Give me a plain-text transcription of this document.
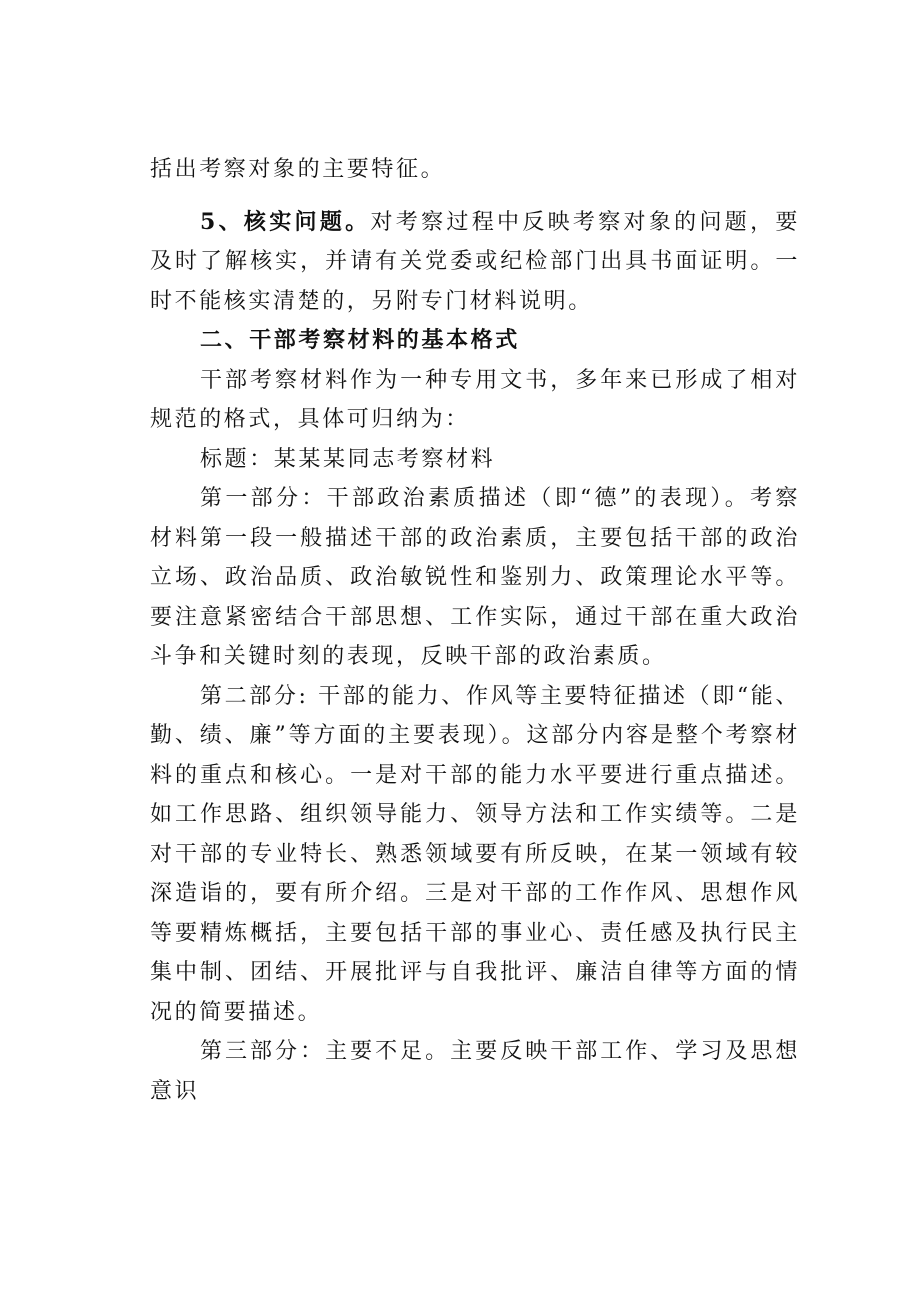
括出考察对象的主要特征。

5、核实问题。对考察过程中反映考察对象的问题，要及时了解核实，并请有关党委或纪检部门出具书面证明。一时不能核实清楚的，另附专门材料说明。

二、干部考察材料的基本格式

干部考察材料作为一种专用文书，多年来已形成了相对规范的格式，具体可归纳为：

标题：某某某同志考察材料

第一部分：干部政治素质描述（即“德”的表现）。考察材料第一段一般描述干部的政治素质，主要包括干部的政治立场、政治品质、政治敏锐性和鉴别力、政策理论水平等。要注意紧密结合干部思想、工作实际，通过干部在重大政治斗争和关键时刻的表现，反映干部的政治素质。

第二部分: 干部的能力、作风等主要特征描述（即“能、勤、绩、廉”等方面的主要表现）。这部分内容是整个考察材料的重点和核心。一是对干部的能力水平要进行重点描述。如工作思路、组织领导能力、领导方法和工作实绩等。二是对干部的专业特长、熟悉领域要有所反映，在某一领域有较深造诣的，要有所介绍。三是对干部的工作作风、思想作风等要精炼概括，主要包括干部的事业心、责任感及执行民主集中制、团结、开展批评与自我批评、廉洁自律等方面的情况的简要描述。

第三部分：主要不足。主要反映干部工作、学习及思想意识
